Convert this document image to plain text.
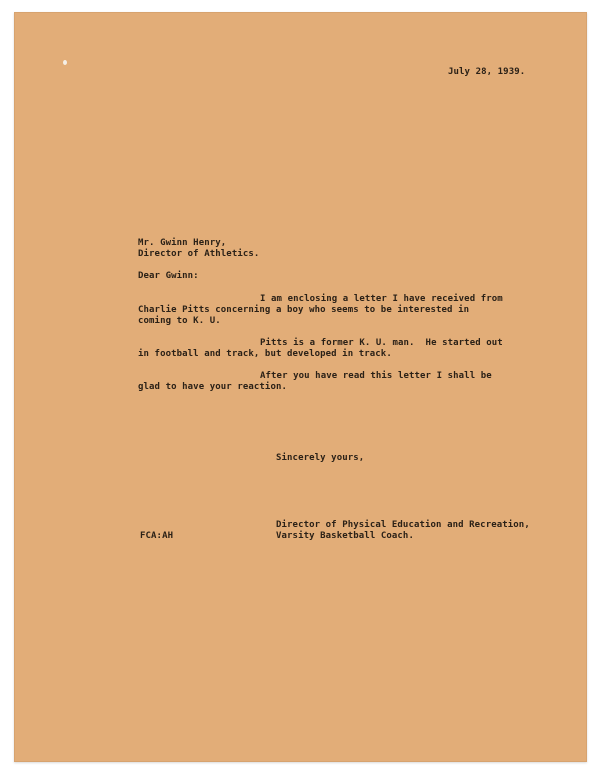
July 28, 1939.
Mr. Gwinn Henry,
Director of Athletics.
Dear Gwinn:
I am enclosing a letter I have received from
Charlie Pitts concerning a boy who seems to be interested in
coming to K. U.
Pitts is a former K. U. man.  He started out
in football and track, but developed in track.
After you have read this letter I shall be
glad to have your reaction.
Sincerely yours,
Director of Physical Education and Recreation,
Varsity Basketball Coach.
FCA:AH
